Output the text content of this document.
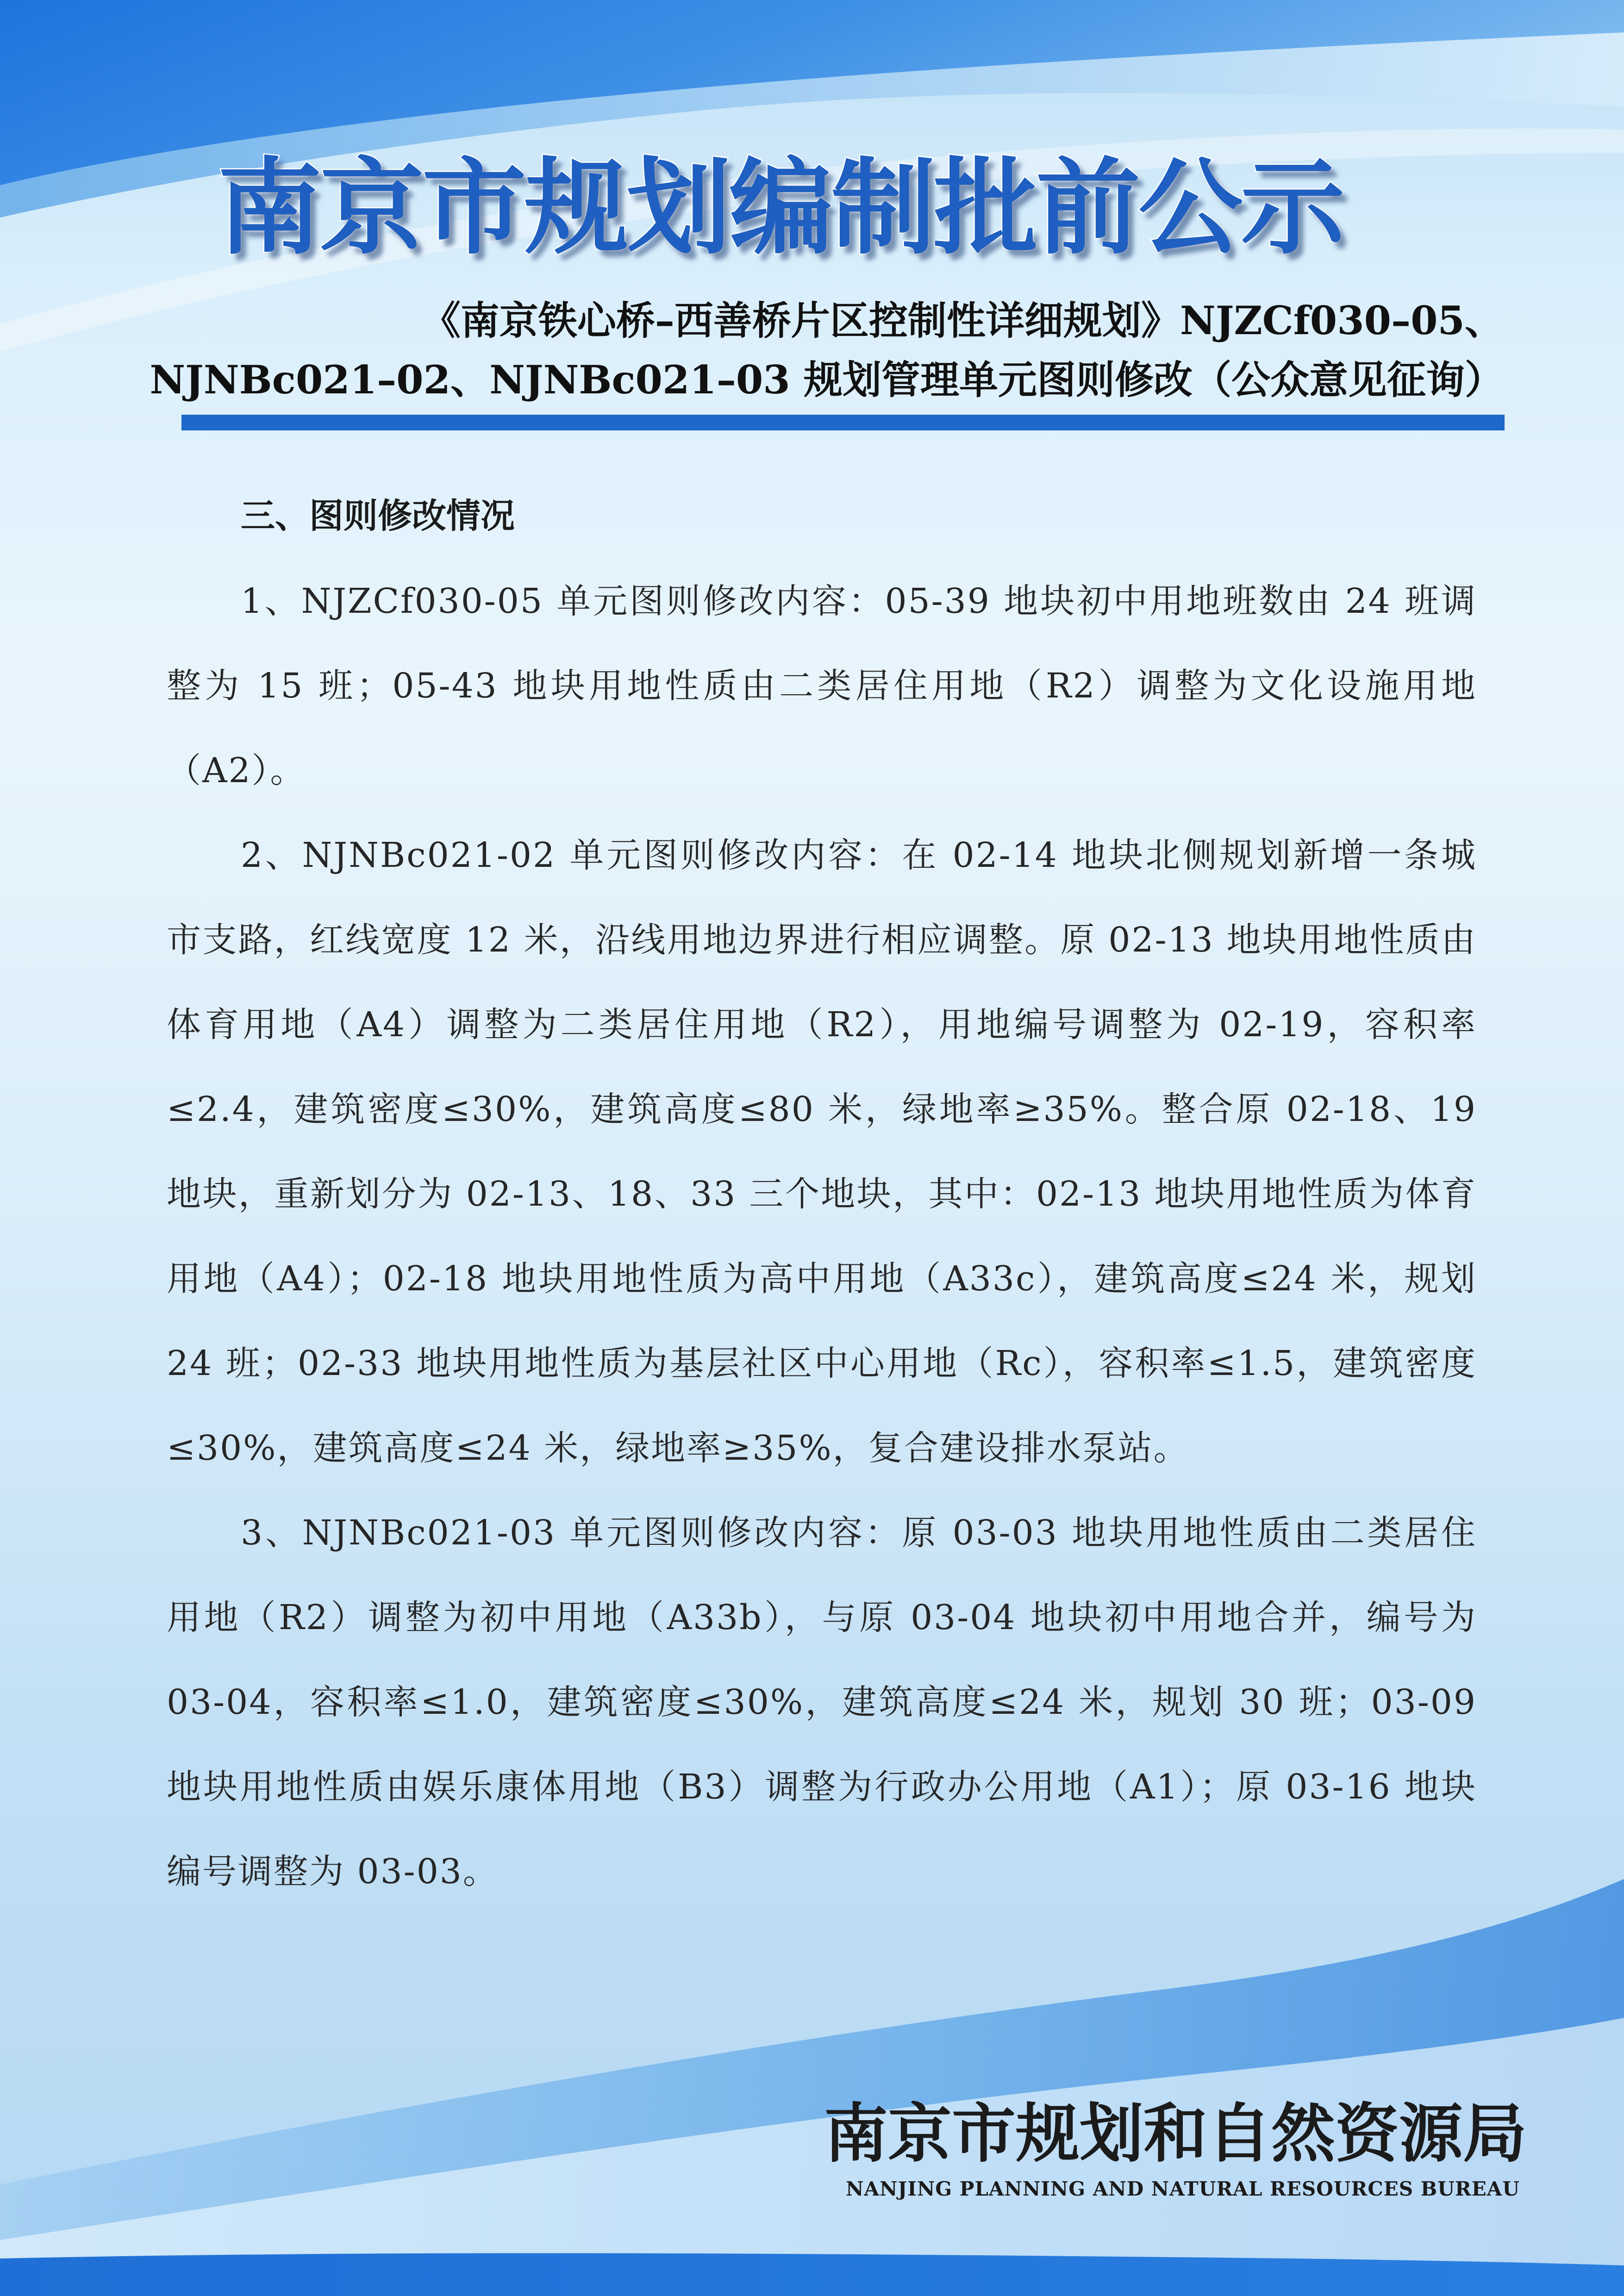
南京市规划编制批前公示

《南京铁心桥–西善桥片区控制性详细规划》NJZCf030–05、

NJNBc021–02、NJNBc021–03 规划管理单元图则修改（公众意见征询）

三、图则修改情况

1、NJZCf030-05 单元图则修改内容：05-39 地块初中用地班数由 24 班调整为 15 班；05-43 地块用地性质由二类居住用地（R2）调整为文化设施用地（A2）。

2、NJNBc021-02 单元图则修改内容：在 02-14 地块北侧规划新增一条城市支路，红线宽度 12 米，沿线用地边界进行相应调整。原 02-13 地块用地性质由体育用地（A4）调整为二类居住用地（R2），用地编号调整为 02-19，容积率≤2.4，建筑密度≤30%，建筑高度≤80 米，绿地率≥35%。整合原 02-18、19 地块，重新划分为 02-13、18、33 三个地块，其中：02-13 地块用地性质为体育用地（A4）；02-18 地块用地性质为高中用地（A33c），建筑高度≤24 米，规划 24 班；02-33 地块用地性质为基层社区中心用地（Rc），容积率≤1.5，建筑密度≤30%，建筑高度≤24 米，绿地率≥35%，复合建设排水泵站。

3、NJNBc021-03 单元图则修改内容：原 03-03 地块用地性质由二类居住用地（R2）调整为初中用地（A33b），与原 03-04 地块初中用地合并，编号为 03-04，容积率≤1.0，建筑密度≤30%，建筑高度≤24 米，规划 30 班；03-09 地块用地性质由娱乐康体用地（B3）调整为行政办公用地（A1）；原 03-16 地块编号调整为 03-03。

南京市规划和自然资源局

NANJING PLANNING AND NATURAL RESOURCES BUREAU
